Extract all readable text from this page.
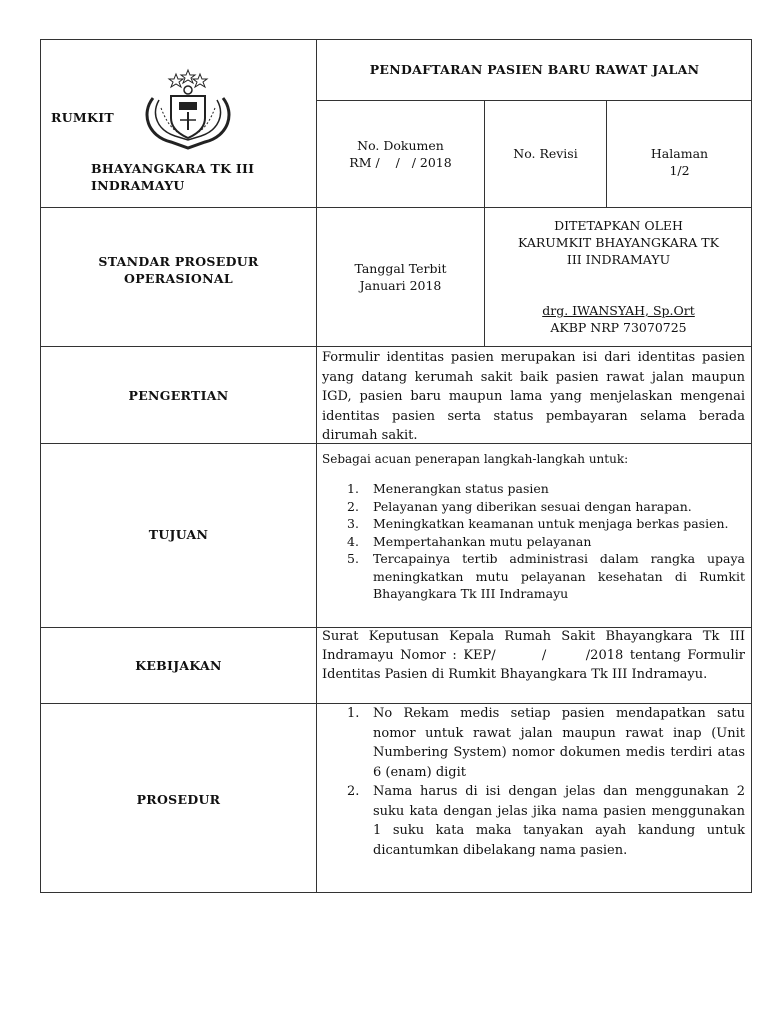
RUMKIT
BHAYANGKARA TK III
INDRAMAYU
PENDAFTARAN PASIEN BARU RAWAT JALAN
No. Dokumen
RM /    /   / 2018
No. Revisi	Halaman
1/2
STANDAR PROSEDUR
OPERASIONAL
Tanggal Terbit
Januari 2018
DITETAPKAN OLEH
KARUMKIT BHAYANGKARA TK
III INDRAMAYU
drg. IWANSYAH, Sp.Ort
AKBP NRP 73070725
PENGERTIAN
Formulir identitas pasien merupakan isi dari identitas pasien yang datang kerumah sakit baik pasien rawat jalan maupun IGD, pasien baru maupun lama yang menjelaskan mengenai identitas pasien serta status pembayaran selama berada dirumah sakit.
TUJUAN
Sebagai acuan penerapan langkah-langkah untuk:
1. Menerangkan status pasien
2. Pelayanan yang diberikan sesuai dengan harapan.
3. Meningkatkan keamanan untuk menjaga berkas pasien.
4. Mempertahankan mutu pelayanan
5. Tercapainya tertib administrasi dalam rangka upaya meningkatkan mutu pelayanan kesehatan di Rumkit Bhayangkara Tk III Indramayu
KEBIJAKAN
Surat Keputusan Kepala Rumah Sakit Bhayangkara Tk III Indramayu Nomor : KEP/       /      /2018 tentang Formulir Identitas Pasien di Rumkit Bhayangkara Tk III Indramayu.
PROSEDUR
1. No Rekam medis setiap pasien mendapatkan satu nomor untuk rawat jalan maupun rawat inap (Unit Numbering System) nomor dokumen medis terdiri atas 6 (enam) digit
2. Nama harus di isi dengan jelas dan menggunakan 2 suku kata dengan jelas jika nama pasien menggunakan 1 suku kata maka tanyakan ayah kandung untuk dicantumkan dibelakang nama pasien.
